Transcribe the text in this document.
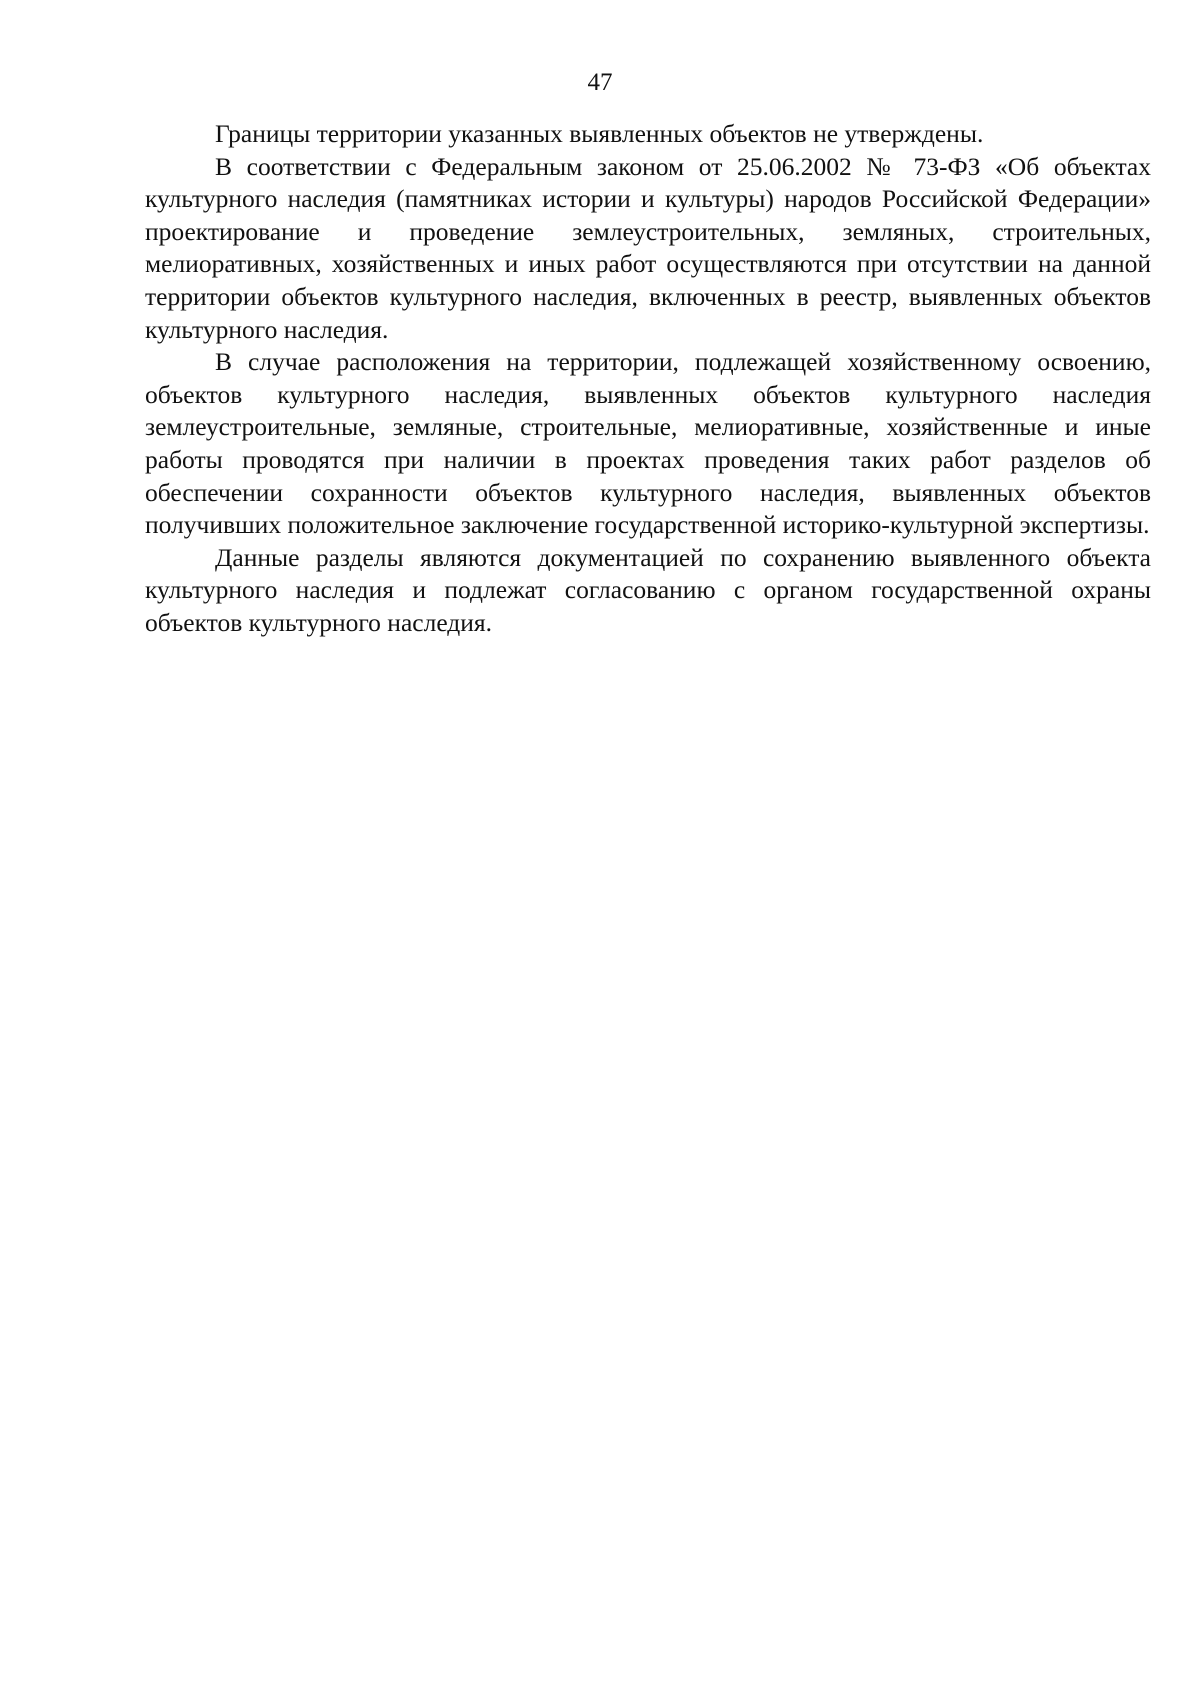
47

Границы территории указанных выявленных объектов не утверждены.

В соответствии с Федеральным законом от 25.06.2002 № 73-ФЗ «Об объектах культурного наследия (памятниках истории и культуры) народов Российской Федерации» проектирование и проведение землеустроительных, земляных, строительных, мелиоративных, хозяйственных и иных работ осуществляются при отсутствии на данной территории объектов культурного наследия, включенных в реестр, выявленных объектов культурного наследия.

В случае расположения на территории, подлежащей хозяйственному освоению, объектов культурного наследия, выявленных объектов культурного наследия землеустроительные, земляные, строительные, мелиоративные, хозяйственные и иные работы проводятся при наличии в проектах проведения таких работ разделов об обеспечении сохранности объектов культурного наследия, выявленных объектов получивших положительное заключение государственной историко-культурной экспертизы.

Данные разделы являются документацией по сохранению выявленного объекта культурного наследия и подлежат согласованию с органом государственной охраны объектов культурного наследия.
